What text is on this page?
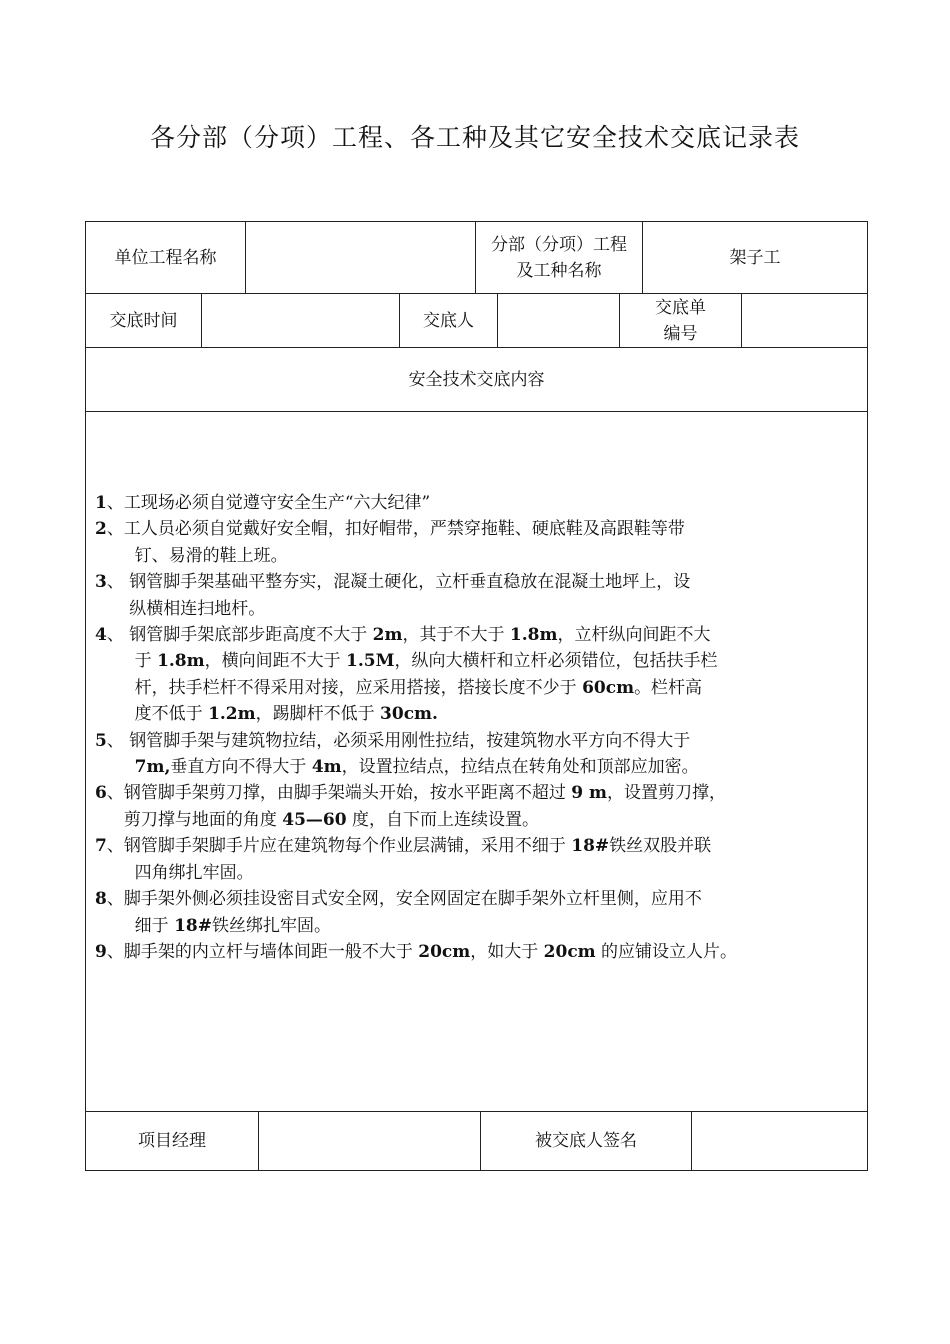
各分部（分项）工程、各工种及其它安全技术交底记录表
单位工程名称
分部（分项）工程
及工种名称
架子工
交底时间	交底人
交底单
编号
安全技术交底内容
1 、 工现场必须自觉遵守安全生产“六大纪律”
2 、 工人员必须自觉戴好安全帽，扣好帽带，严禁穿拖鞋、硬底鞋及高跟鞋等带
钉、易滑的鞋上班。
3 、 钢管脚手架基础平整夯实，混凝土硬化，立杆垂直稳放在混凝土地坪上，设
纵横相连扫地杆。
4 、 钢管脚手架底部步距高度不大于 2m，其于不大于 1.8m，立杆纵向间距不大
于 1.8m，横向间距不大于 1.5M，纵向大横杆和立杆必须错位，包括扶手栏
杆，扶手栏杆不得采用对接，应采用搭接，搭接长度不少于 60cm。栏杆高
度不低于 1.2m，踢脚杆不低于 30cm.
5 、 钢管脚手架与建筑物拉结，必须采用刚性拉结，按建筑物水平方向不得大于
7m,垂直方向不得大于 4m，设置拉结点，拉结点在转角处和顶部应加密。
6 、 钢管脚手架剪刀撑，由脚手架端头开始，按水平距离不超过 9 m，设置剪刀撑，
剪刀撑与地面的角度 45—60 度，自下而上连续设置。
7 、 钢管脚手架脚手片应在建筑物每个作业层满铺，采用不细于 18#铁丝双股并联
四角绑扎牢固。
8 、 脚手架外侧必须挂设密目式安全网，安全网固定在脚手架外立杆里侧，应用不
细于 18#铁丝绑扎牢固。
9 、 脚手架的内立杆与墙体间距一般不大于 20cm，如大于 20cm 的应铺设立人片。
项目经理	被交底人签名
